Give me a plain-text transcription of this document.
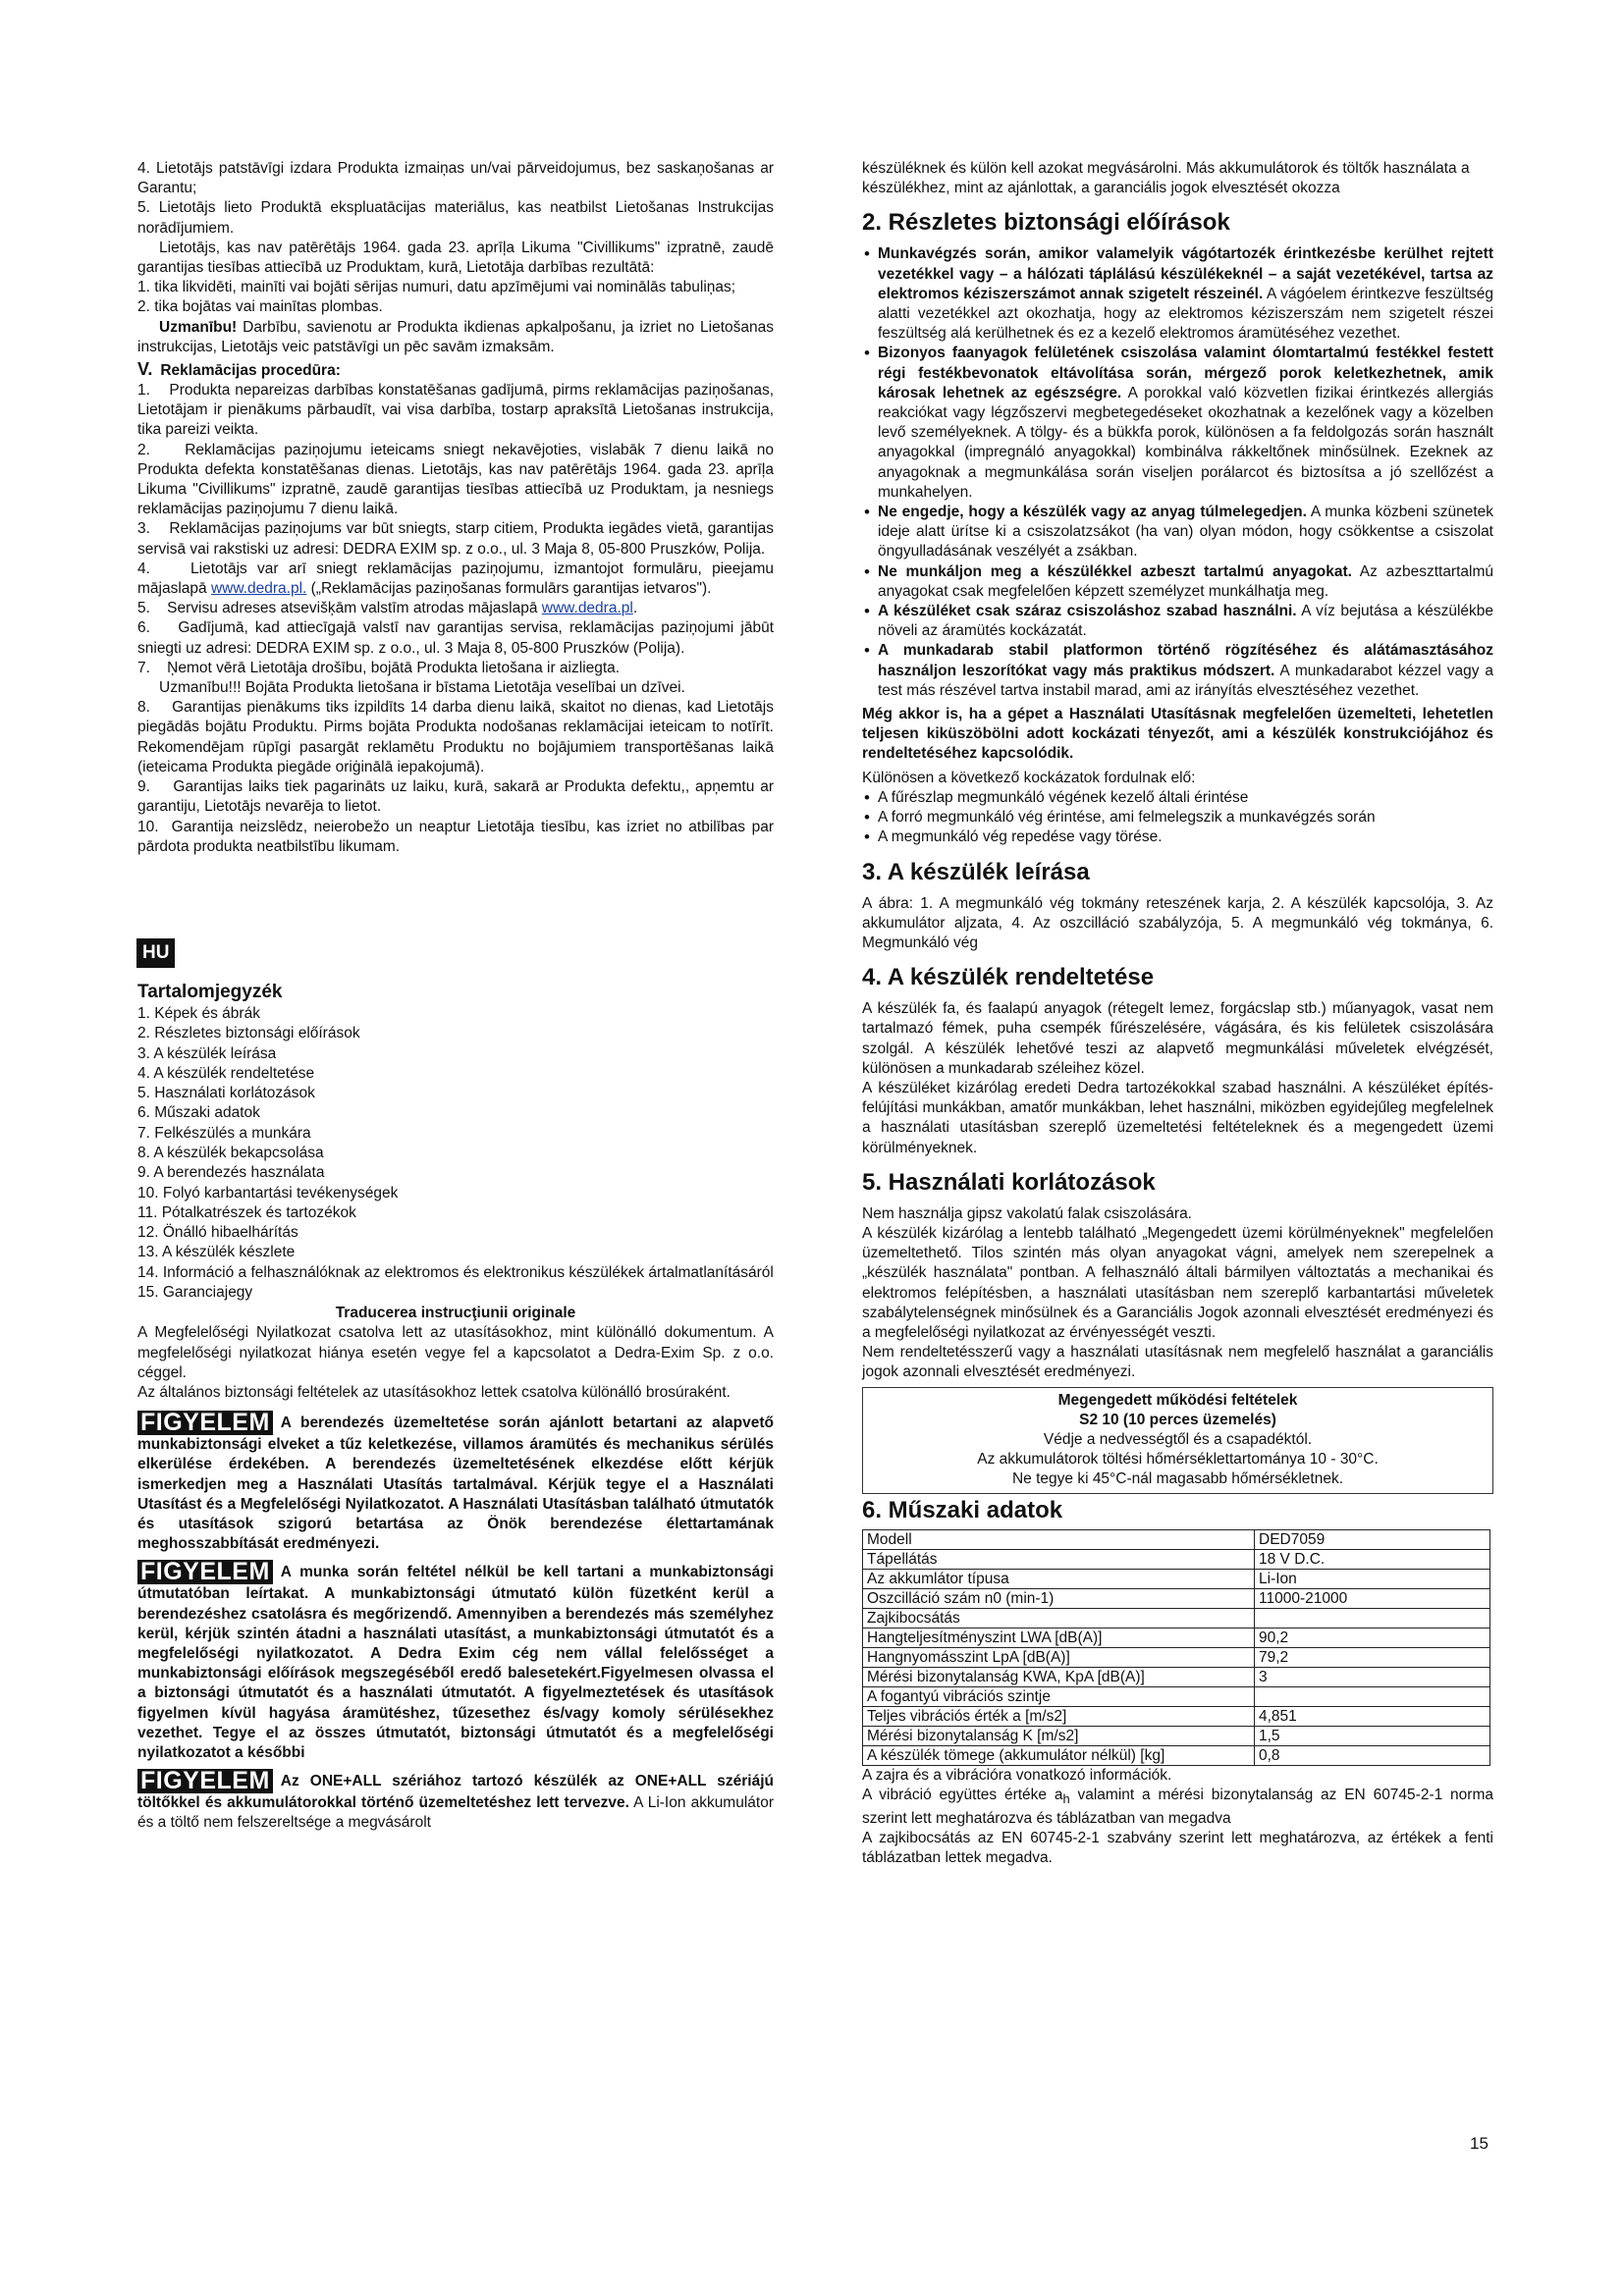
4. Lietotājs patstāvīgi izdara Produkta izmaiņas un/vai pārveidojumus, bez saskaņošanas ar Garantu;

5. Lietotājs lieto Produktā ekspluatācijas materiālus, kas neatbilst Lietošanas Instrukcijas norādījumiem.

Lietotājs, kas nav patērētājs 1964. gada 23. aprīļa Likuma "Civillikums" izpratnē, zaudē garantijas tiesības attiecībā uz Produktam, kurā, Lietotāja darbības rezultātā:

1. tika likvidēti, mainīti vai bojāti sērijas numuri, datu apzīmējumi vai nominālās tabuliņas;

2. tika bojātas vai mainītas plombas.

Uzmanību! Darbību, savienotu ar Produkta ikdienas apkalpošanu, ja izriet no Lietošanas instrukcijas, Lietotājs veic patstāvīgi un pēc savām izmaksām.

V. Reklamācijas procedūra:

1.    Produkta nepareizas darbības konstatēšanas gadījumā, pirms reklamācijas paziņošanas, Lietotājam ir pienākums pārbaudīt, vai visa darbība, tostarp apraksītā Lietošanas instrukcija, tika pareizi veikta.

2.    Reklamācijas paziņojumu ieteicams sniegt nekavējoties, vislabāk 7 dienu laikā no Produkta defekta konstatēšanas dienas. Lietotājs, kas nav patērētājs 1964. gada 23. aprīļa Likuma "Civillikums" izpratnē, zaudē garantijas tiesības attiecībā uz Produktam, ja nesniegs reklamācijas paziņojumu 7 dienu laikā.

3.    Reklamācijas paziņojums var būt sniegts, starp citiem, Produkta iegādes vietā, garantijas servisā vai rakstiski uz adresi: DEDRA EXIM sp. z o.o., ul. 3 Maja 8, 05-800 Pruszków, Polija.

4.    Lietotājs var arī sniegt reklamācijas paziņojumu, izmantojot formulāru, pieejamu mājaslapā www.dedra.pl. („Reklamācijas paziņošanas formulārs garantijas ietvaros").

5.    Servisu adreses atsevišķām valstīm atrodas mājaslapā www.dedra.pl.

6.    Gadījumā, kad attiecīgajā valstī nav garantijas servisa, reklamācijas paziņojumi jābūt sniegti uz adresi: DEDRA EXIM sp. z o.o., ul. 3 Maja 8, 05-800 Pruszków (Polija).

7.    Ņemot vērā Lietotāja drošību, bojātā Produkta lietošana ir aizliegta.

Uzmanību!!! Bojāta Produkta lietošana ir bīstama Lietotāja veselībai un dzīvei.

8.    Garantijas pienākums tiks izpildīts 14 darba dienu laikā, skaitot no dienas, kad Lietotājs piegādās bojātu Produktu. Pirms bojāta Produkta nodošanas reklamācijai ieteicam to notīrīt. Rekomendējam rūpīgi pasargāt reklamētu Produktu no bojājumiem transportēšanas laikā (ieteicama Produkta piegāde oriģinālā iepakojumā).

9.    Garantijas laiks tiek pagarināts uz laiku, kurā, sakarā ar Produkta defektu,, apņemtu ar garantiju, Lietotājs nevarēja to lietot.

10.  Garantija neizslēdz, neierobežo un neaptur Lietotāja tiesību, kas izriet no atbilības par pārdota produkta neatbilstību likumam.

HU
Tartalomjegyzék
1. Képek és ábrák
2. Részletes biztonsági előírások
3. A készülék leírása
4. A készülék rendeltetése
5. Használati korlátozások
6. Műszaki adatok
7. Felkészülés a munkára
8. A készülék bekapcsolása
9. A berendezés használata
10. Folyó karbantartási tevékenységek
11. Pótalkatrészek és tartozékok
12. Önálló hibaelhárítás
13. A készülék készlete
14. Információ a felhasználóknak az elektromos és elektronikus készülékek ártalmatlanításáról
15. Garanciajegy
Traducerea instrucţiunii originale

A Megfelelőségi Nyilatkozat csatolva lett az utasításokhoz, mint különálló dokumentum. A megfelelőségi nyilatkozat hiánya esetén vegye fel a kapcsolatot a Dedra-Exim Sp. z o.o. céggel.

Az általános biztonsági feltételek az utasításokhoz lettek csatolva különálló brosúraként.

FIGYELEM A berendezés üzemeltetése során ajánlott betartani az alapvető munkabiztonsági elveket a tűz keletkezése, villamos áramütés és mechanikus sérülés elkerülése érdekében. A berendezés üzemeltetésének elkezdése előtt kérjük ismerkedjen meg a Használati Utasítás tartalmával. Kérjük tegye el a Használati Utasítást és a Megfelelőségi Nyilatkozatot. A Használati Utasításban található útmutatók és utasítások szigorú betartása az Önök berendezése élettartamának meghosszabbítását eredményezi.

FIGYELEM A munka során feltétel nélkül be kell tartani a munkabiztonsági útmutatóban leírtakat. A munkabiztonsági útmutató külön füzetként kerül a berendezéshez csatolásra és megőrizendő. Amennyiben a berendezés más személyhez kerül, kérjük szintén átadni a használati utasítást, a munkabiztonsági útmutatót és a megfelelőségi nyilatkozatot. A Dedra Exim cég nem vállal felelősséget a munkabiztonsági előírások megszegéséből eredő balesetekért.Figyelmesen olvassa el a biztonsági útmutatót és a használati útmutatót. A figyelmeztetések és utasítások figyelmen kívül hagyása áramütéshez, tűzesethez és/vagy komoly sérülésekhez vezethet. Tegye el az összes útmutatót, biztonsági útmutatót és a megfelelőségi nyilatkozatot a későbbi

FIGYELEM Az ONE+ALL szériához tartozó készülék az ONE+ALL szériájú töltőkkel és akkumulátorokkal történő üzemeltetéshez lett tervezve. A Li-Ion akkumulátor és a töltő nem felszereltsége a megvásárolt

készüléknek és külön kell azokat megvásárolni. Más akkumulátorok és töltők használata a készülékhez, mint az ajánlottak, a garanciális jogok elvesztését okozza

2. Részletes biztonsági előírások

• Munkavégzés során, amikor valamelyik vágótartozék érintkezésbe kerülhet rejtett vezetékkel vagy – a hálózati táplálású készülékeknél – a saját vezetékével, tartsa az elektromos kéziszerszámot annak szigetelt részeinél. A vágóelem érintkezve feszültség alatti vezetékkel azt okozhatja, hogy az elektromos kéziszerszám nem szigetelt részei feszültség alá kerülhetnek és ez a kezelő elektromos áramütéséhez vezethet.

• Bizonyos faanyagok felületének csiszolása valamint ólomtartalmú festékkel festett régi festékbevonatok eltávolítása során, mérgező porok keletkezhetnek, amik károsak lehetnek az egészségre. A porokkal való közvetlen fizikai érintkezés allergiás reakciókat vagy légzőszervi megbetegedéseket okozhatnak a kezelőnek vagy a közelben levő személyeknek. A tölgy- és a bükkfa porok, különösen a fa feldolgozás során használt anyagokkal (impregnáló anyagokkal) kombinálva rákkeltőnek minősülnek. Ezeknek az anyagoknak a megmunkálása során viseljen porálarcot és biztosítsa a jó szellőzést a munkahelyen.

• Ne engedje, hogy a készülék vagy az anyag túlmelegedjen. A munka közbeni szünetek ideje alatt ürítse ki a csiszolatzsákot (ha van) olyan módon, hogy csökkentse a csiszolat öngyulladásának veszélyét a zsákban.

• Ne munkáljon meg a készülékkel azbeszt tartalmú anyagokat. Az azbeszttartalmú anyagokat csak megfelelően képzett személyzet munkálhatja meg.

• A készüléket csak száraz csiszoláshoz szabad használni. A víz bejutása a készülékbe növeli az áramütés kockázatát.

• A munkadarab stabil platformon történő rögzítéséhez és alátámasztásához használjon leszorítókat vagy más praktikus módszert. A munkadarabot kézzel vagy a test más részével tartva instabil marad, ami az irányítás elvesztéséhez vezethet.

Még akkor is, ha a gépet a Használati Utasításnak megfelelően üzemelteti, lehetetlen teljesen kiküszöbölni adott kockázati tényezőt, ami a készülék konstrukciójához és rendeltetéséhez kapcsolódik.

Különösen a következő kockázatok fordulnak elő:

• A fűrészlap megmunkáló végének kezelő általi érintése

• A forró megmunkáló vég érintése, ami felmelegszik a munkavégzés során

• A megmunkáló vég repedése vagy törése.

3. A készülék leírása

A ábra: 1. A megmunkáló vég tokmány reteszének karja, 2. A készülék kapcsolója, 3. Az akkumulátor aljzata, 4. Az oszcilláció szabályzója, 5. A megmunkáló vég tokmánya, 6. Megmunkáló vég

4. A készülék rendeltetése

A készülék fa, és faalapú anyagok (rétegelt lemez, forgácslap stb.) műanyagok, vasat nem tartalmazó fémek, puha csempék fűrészelésére, vágására, és kis felületek csiszolására szolgál. A készülék lehetővé teszi az alapvető megmunkálási műveletek elvégzését, különösen a munkadarab széleihez közel.

A készüléket kizárólag eredeti Dedra tartozékokkal szabad használni. A készüléket építés-felújítási munkákban, amatőr munkákban, lehet használni, miközben egyidejűleg megfelelnek a használati utasításban szereplő üzemeltetési feltételeknek és a megengedett üzemi körülményeknek.

5. Használati korlátozások

Nem használja gipsz vakolatú falak csiszolására.

A készülék kizárólag a lentebb található „Megengedett üzemi körülményeknek" megfelelően üzemeltethető. Tilos szintén más olyan anyagokat vágni, amelyek nem szerepelnek a „készülék használata" pontban. A felhasználó általi bármilyen változtatás a mechanikai és elektromos felépítésben, a használati utasításban nem szereplő karbantartási műveletek szabálytelenségnek minősülnek és a Garanciális Jogok azonnali elvesztését eredményezi és a megfelelőségi nyilatkozat az érvényességét veszti.

Nem rendeltetésszerű vagy a használati utasításnak nem megfelelő használat a garanciális jogok azonnali elvesztését eredményezi.

Megengedett működési feltételek

S2 10 (10 perces üzemelés)

Védje a nedvességtől és a csapadéktól.

Az akkumulátorok töltési hőmérséklettartománya 10 - 30°C.

Ne tegye ki 45°C-nál magasabb hőmérsékletnek.

6. Műszaki adatok
Modell	DED7059
Tápellátás	18 V D.C.
Az akkumlátor típusa	Li-Ion
Oszcilláció szám n0 (min-1)	11000-21000
Zajkibocsátás	
Hangteljesítményszint LWA [dB(A)]	90,2
Hangnyomásszint LpA [dB(A)]	79,2
Mérési bizonytalanság KWA, KpA [dB(A)]	3
A fogantyú vibrációs szintje	
Teljes vibrációs érték a [m/s2]	4,851
Mérési bizonytalanság K [m/s2]	1,5
A készülék tömege (akkumulátor nélkül) [kg]	0,8

A zajra és a vibrációra vonatkozó információk.

A vibráció együttes értéke $a_h$ valamint a mérési bizonytalanság az EN 60745-2-1 norma szerint lett meghatározva és táblázatban van megadva

A zajkibocsátás az EN 60745-2-1 szabvány szerint lett meghatározva, az értékek a fenti táblázatban lettek megadva.

15
